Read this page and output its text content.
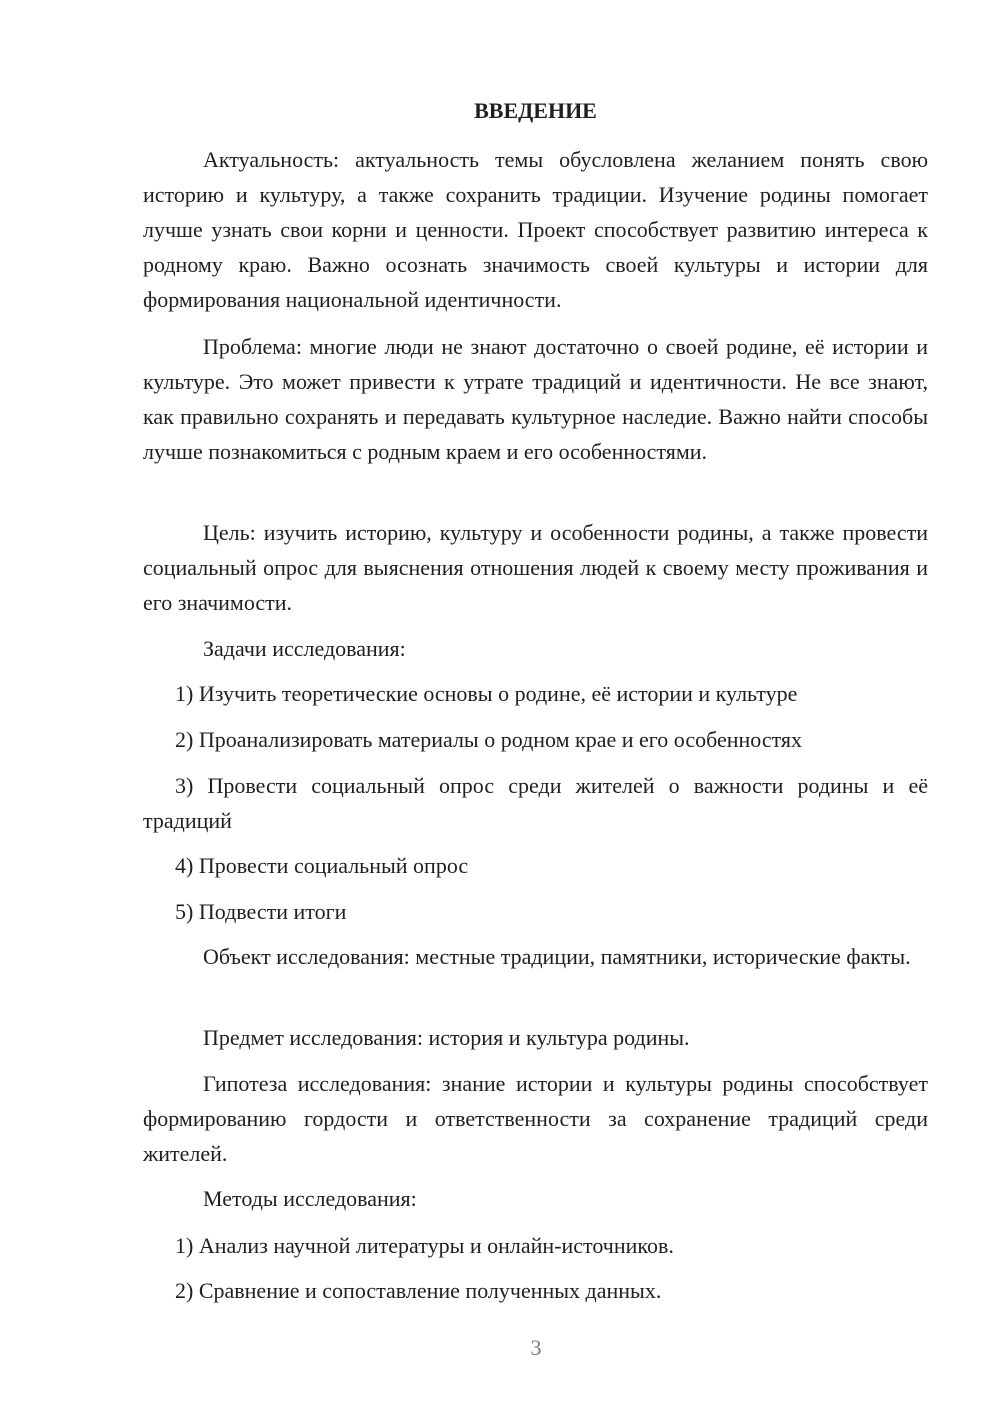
ВВЕДЕНИЕ

Актуальность: актуальность темы обусловлена желанием понять свою историю и культуру, а также сохранить традиции. Изучение родины помогает лучше узнать свои корни и ценности. Проект способствует развитию интереса к родному краю. Важно осознать значимость своей культуры и истории для формирования национальной идентичности.

Проблема: многие люди не знают достаточно о своей родине, её истории и культуре. Это может привести к утрате традиций и идентичности. Не все знают, как правильно сохранять и передавать культурное наследие. Важно найти способы лучше познакомиться с родным краем и его особенностями.

Цель: изучить историю, культуру и особенности родины, а также провести социальный опрос для выяснения отношения людей к своему месту проживания и его значимости.

Задачи исследования:

1) Изучить теоретические основы о родине, её истории и культуре

2) Проанализировать материалы о родном крае и его особенностях

3) Провести социальный опрос среди жителей о важности родины и её традиций

4) Провести социальный опрос

5) Подвести итоги

Объект исследования: местные традиции, памятники, исторические факты.

Предмет исследования: история и культура родины.

Гипотеза исследования: знание истории и культуры родины способствует формированию гордости и ответственности за сохранение традиций среди жителей.

Методы исследования:

1) Анализ научной литературы и онлайн-источников.

2) Сравнение и сопоставление полученных данных.

3
